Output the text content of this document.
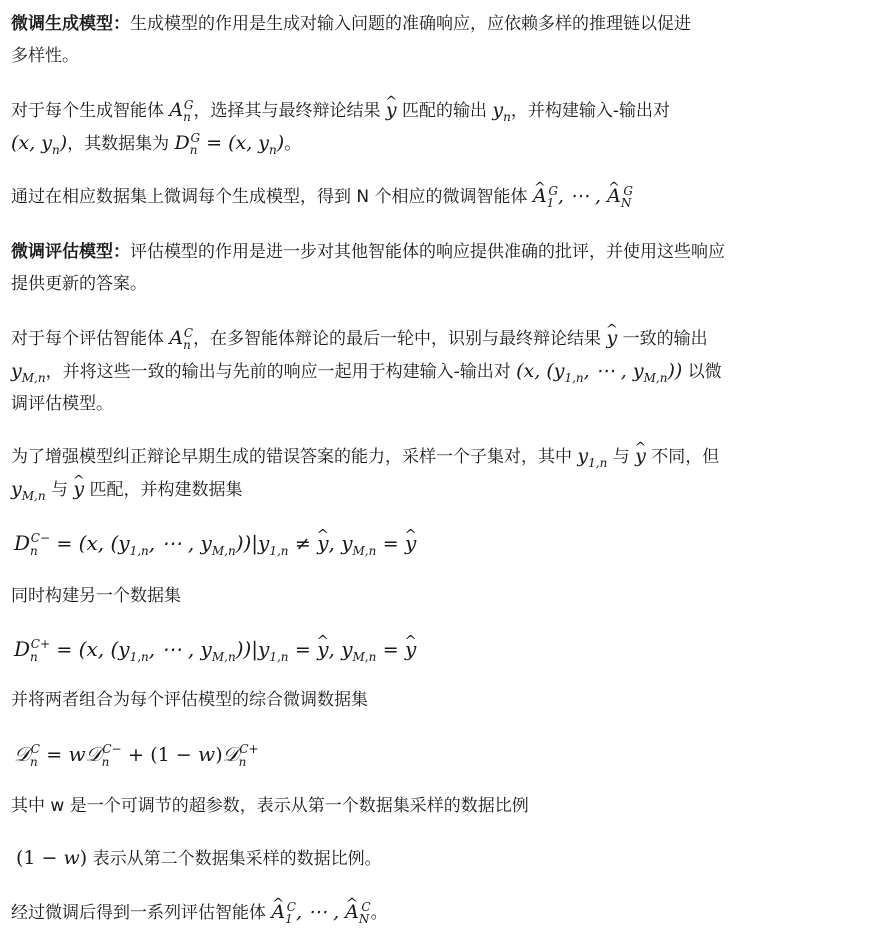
微调生成模型：生成模型的作用是生成对输入问题的准确响应，应依赖多样的推理链以促进
多样性。

对于每个生成智能体 $A_n^G$，选择其与最终辩论结果 ^ y 匹配的输出 $y_n$，并构建输入-输出对
(x, $y_n$)，其数据集为 $D_n^G = (x$, $y_n$)。

通过在相应数据集上微调每个生成模型，得到 N 个相应的微调智能体 ^ $A_1^G$, ⋯ , ^ $A_N^G$

微调评估模型：评估模型的作用是进一步对其他智能体的响应提供准确的批评，并使用这些响应
提供更新的答案。

对于每个评估智能体 $A_n^C$，在多智能体辩论的最后一轮中，识别与最终辩论结果 ^ y 一致的输出
$y_{M,n}$，并将这些一致的输出与先前的响应一起用于构建输入-输出对 (x, ($y_{1,n}$, ⋯ , $y_{M,n}$)) 以微
调评估模型。

为了增强模型纠正辩论早期生成的错误答案的能力，采样一个子集对，其中 $y_{1,n}$ 与 ^ y 不同，但
$y_{M,n}$ 与 ^ y 匹配，并构建数据集

$D_n^{C-} = (x$, ($y_{1,n}$, ⋯ , $y_{M,n}))|y_{1,n}$ ≠ ^ y, $y_{M,n}$ = ^ y

同时构建另一个数据集

$D_n^{C+} = (x$, ($y_{1,n}$, ⋯ , $y_{M,n}))|y_{1,n}$ = ^ y, $y_{M,n}$ = ^ y

并将两者组合为每个评估模型的综合微调数据集

𝒟$_n^C$ = w𝒟$_n^{C-}$ + (1 − w)𝒟$_n^{C+}$

其中 w 是一个可调节的超参数，表示从第一个数据集采样的数据比例

(1 − w) 表示从第二个数据集采样的数据比例。

经过微调后得到一系列评估智能体 ^ $A_1^C$, ⋯ , ^ $A_N^C$。
